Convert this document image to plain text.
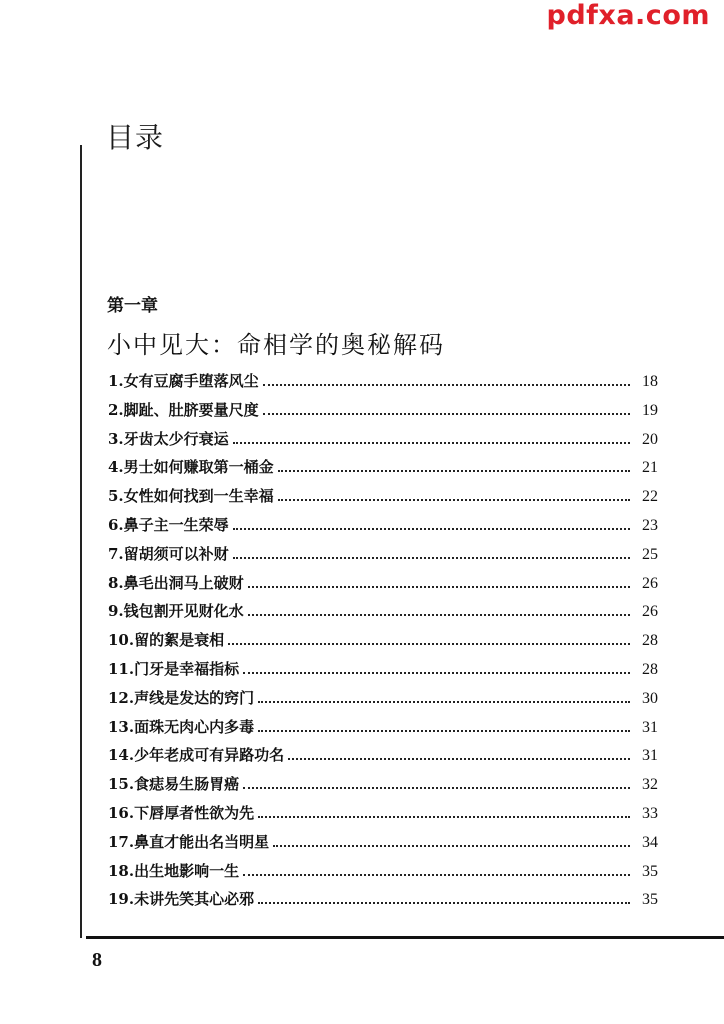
pdfxa.com
目录
第一章
小中见大：命相学的奥秘解码
1.女有豆腐手堕落风尘	18
2.脚趾、肚脐要量尺度	19
3.牙齿太少行衰运	20
4.男士如何赚取第一桶金	21
5.女性如何找到一生幸福	22
6.鼻子主一生荣辱	23
7.留胡须可以补财	25
8.鼻毛出洞马上破财	26
9.钱包割开见财化水	26
10.留的絮是衰相	28
11.门牙是幸福指标	28
12.声线是发达的窍门	30
13.面珠无肉心内多毒	31
14.少年老成可有异路功名	31
15.食痣易生肠胃癌	32
16.下唇厚者性欲为先	33
17.鼻直才能出名当明星	34
18.出生地影响一生	35
19.未讲先笑其心必邪	35
8
